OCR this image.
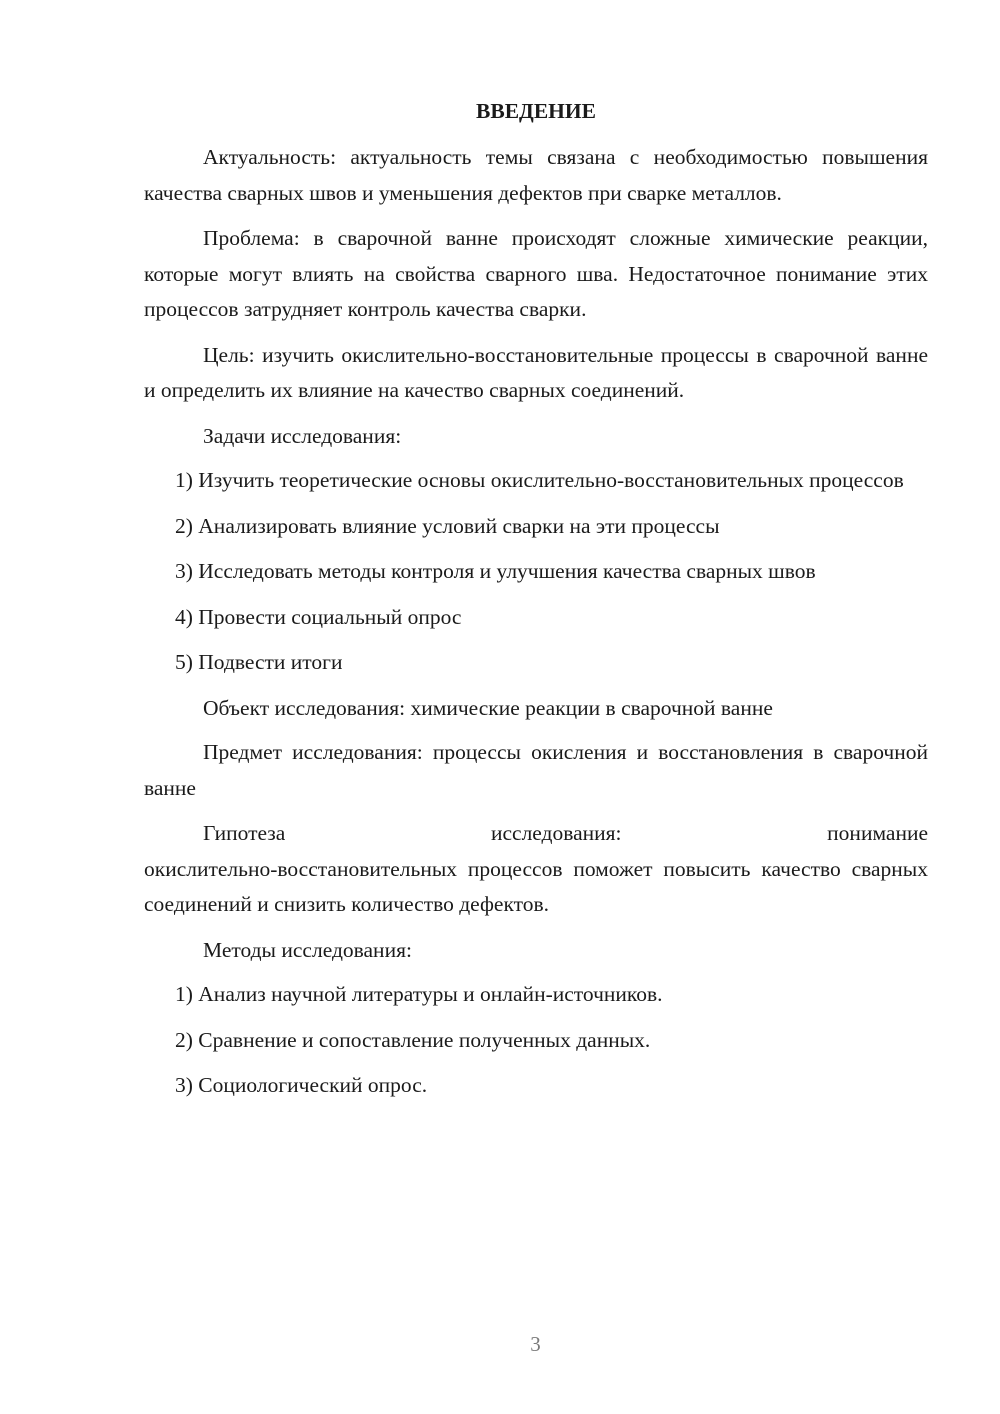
ВВЕДЕНИЕ

Актуальность: актуальность темы связана с необходимостью повышения качества сварных швов и уменьшения дефектов при сварке металлов.

Проблема: в сварочной ванне происходят сложные химические реакции, которые могут влиять на свойства сварного шва. Недостаточное понимание этих процессов затрудняет контроль качества сварки.

Цель: изучить окислительно-восстановительные процессы в сварочной ванне и определить их влияние на качество сварных соединений.

Задачи исследования:

1) Изучить теоретические основы окислительно-восстановительных процессов

2) Анализировать влияние условий сварки на эти процессы

3) Исследовать методы контроля и улучшения качества сварных швов

4) Провести социальный опрос

5) Подвести итоги

Объект исследования: химические реакции в сварочной ванне

Предмет исследования: процессы окисления и восстановления в сварочной ванне

Гипотеза исследования: понимание

окислительно-восстановительных процессов поможет повысить качество сварных соединений и снизить количество дефектов.

Методы исследования:

1) Анализ научной литературы и онлайн-источников.

2) Сравнение и сопоставление полученных данных.

3) Социологический опрос.

3
